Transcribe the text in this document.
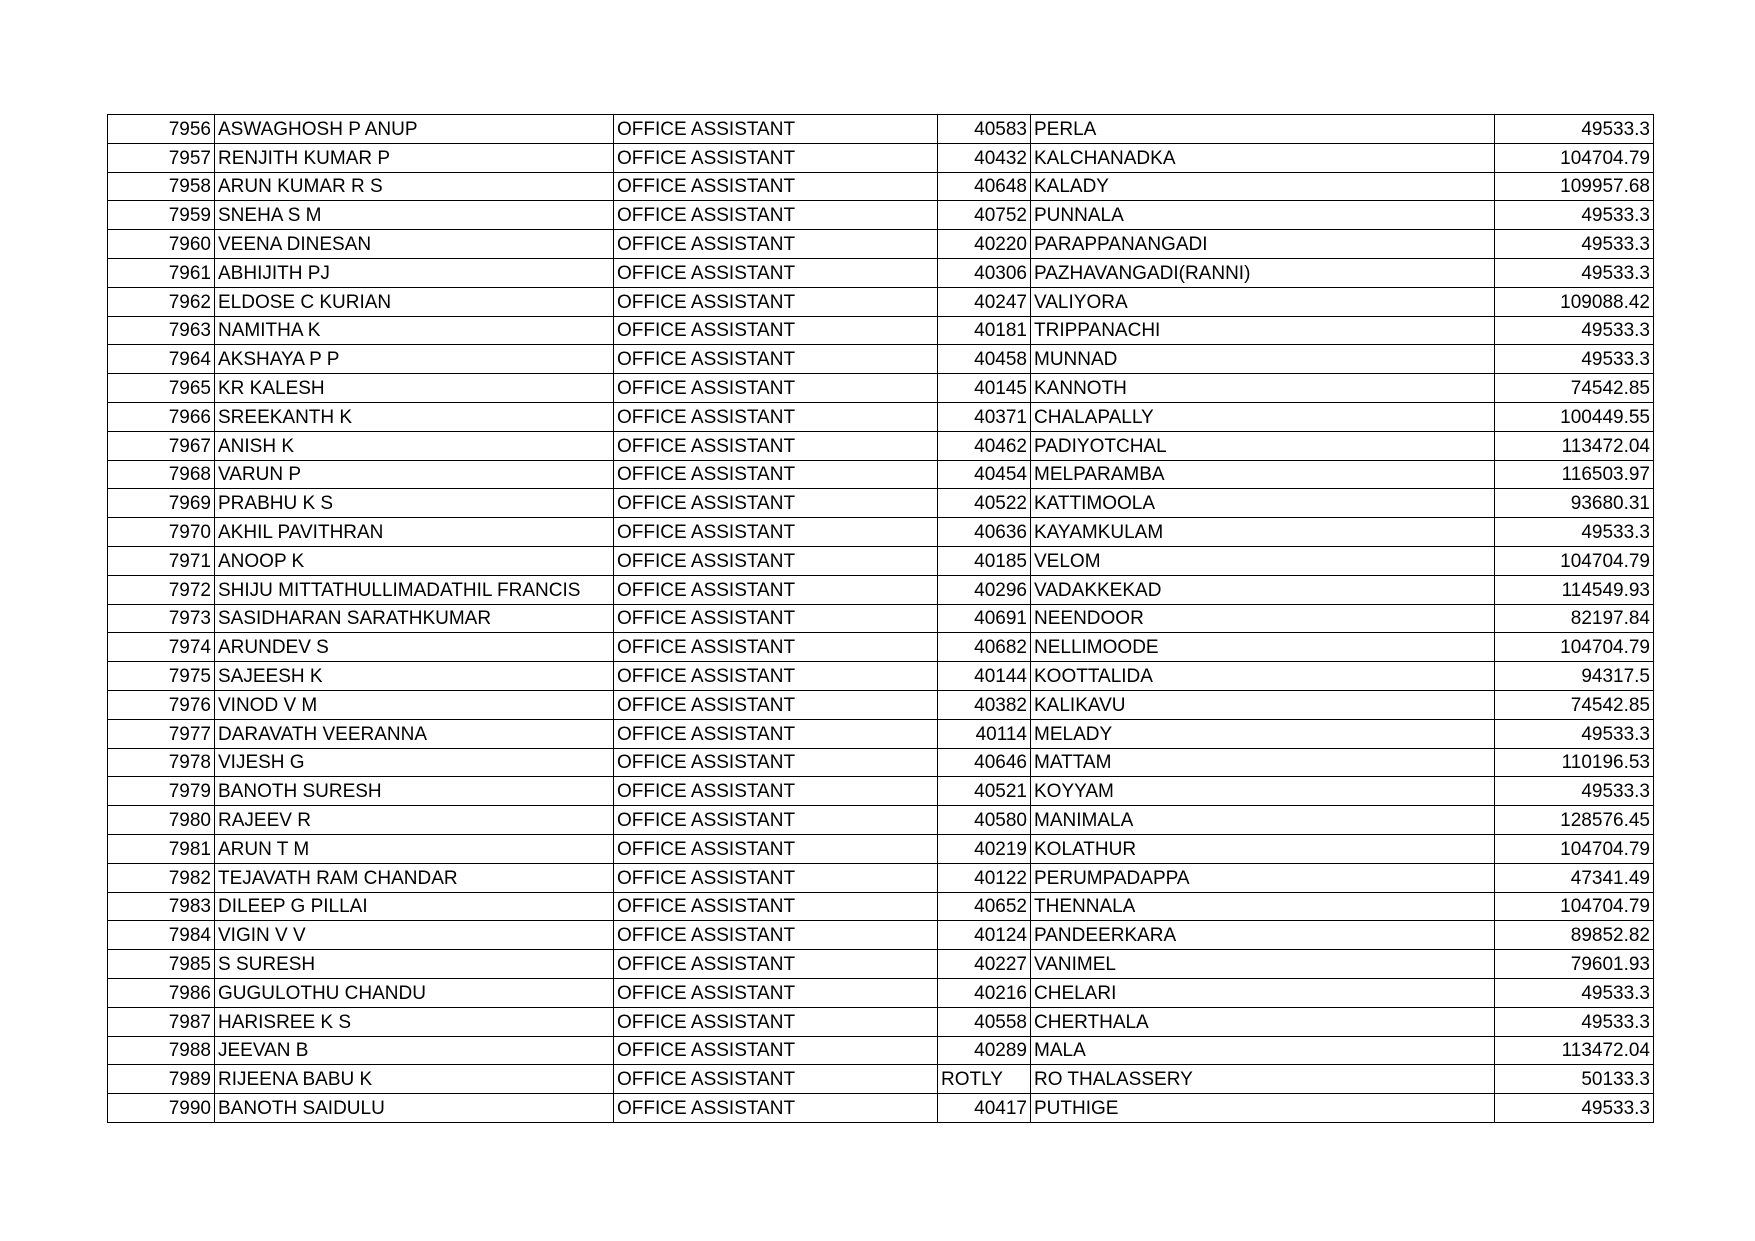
7956	ASWAGHOSH P ANUP	OFFICE ASSISTANT	40583	PERLA	49533.3
7957	RENJITH KUMAR P	OFFICE ASSISTANT	40432	KALCHANADKA	104704.79
7958	ARUN KUMAR R S	OFFICE ASSISTANT	40648	KALADY	109957.68
7959	SNEHA S M	OFFICE ASSISTANT	40752	PUNNALA	49533.3
7960	VEENA DINESAN	OFFICE ASSISTANT	40220	PARAPPANANGADI	49533.3
7961	ABHIJITH PJ	OFFICE ASSISTANT	40306	PAZHAVANGADI(RANNI)	49533.3
7962	ELDOSE C KURIAN	OFFICE ASSISTANT	40247	VALIYORA	109088.42
7963	NAMITHA K	OFFICE ASSISTANT	40181	TRIPPANACHI	49533.3
7964	AKSHAYA P P	OFFICE ASSISTANT	40458	MUNNAD	49533.3
7965	KR KALESH	OFFICE ASSISTANT	40145	KANNOTH	74542.85
7966	SREEKANTH K	OFFICE ASSISTANT	40371	CHALAPALLY	100449.55
7967	ANISH K	OFFICE ASSISTANT	40462	PADIYOTCHAL	113472.04
7968	VARUN P	OFFICE ASSISTANT	40454	MELPARAMBA	116503.97
7969	PRABHU K S	OFFICE ASSISTANT	40522	KATTIMOOLA	93680.31
7970	AKHIL PAVITHRAN	OFFICE ASSISTANT	40636	KAYAMKULAM	49533.3
7971	ANOOP K	OFFICE ASSISTANT	40185	VELOM	104704.79
7972	SHIJU MITTATHULLIMADATHIL FRANCIS	OFFICE ASSISTANT	40296	VADAKKEKAD	114549.93
7973	SASIDHARAN SARATHKUMAR	OFFICE ASSISTANT	40691	NEENDOOR	82197.84
7974	ARUNDEV S	OFFICE ASSISTANT	40682	NELLIMOODE	104704.79
7975	SAJEESH K	OFFICE ASSISTANT	40144	KOOTTALIDA	94317.5
7976	VINOD V M	OFFICE ASSISTANT	40382	KALIKAVU	74542.85
7977	DARAVATH VEERANNA	OFFICE ASSISTANT	40114	MELADY	49533.3
7978	VIJESH G	OFFICE ASSISTANT	40646	MATTAM	110196.53
7979	BANOTH SURESH	OFFICE ASSISTANT	40521	KOYYAM	49533.3
7980	RAJEEV R	OFFICE ASSISTANT	40580	MANIMALA	128576.45
7981	ARUN T M	OFFICE ASSISTANT	40219	KOLATHUR	104704.79
7982	TEJAVATH RAM CHANDAR	OFFICE ASSISTANT	40122	PERUMPADAPPA	47341.49
7983	DILEEP G PILLAI	OFFICE ASSISTANT	40652	THENNALA	104704.79
7984	VIGIN V V	OFFICE ASSISTANT	40124	PANDEERKARA	89852.82
7985	S SURESH	OFFICE ASSISTANT	40227	VANIMEL	79601.93
7986	GUGULOTHU CHANDU	OFFICE ASSISTANT	40216	CHELARI	49533.3
7987	HARISREE K S	OFFICE ASSISTANT	40558	CHERTHALA	49533.3
7988	JEEVAN B	OFFICE ASSISTANT	40289	MALA	113472.04
7989	RIJEENA BABU K	OFFICE ASSISTANT	ROTLY	RO THALASSERY	50133.3
7990	BANOTH SAIDULU	OFFICE ASSISTANT	40417	PUTHIGE	49533.3
